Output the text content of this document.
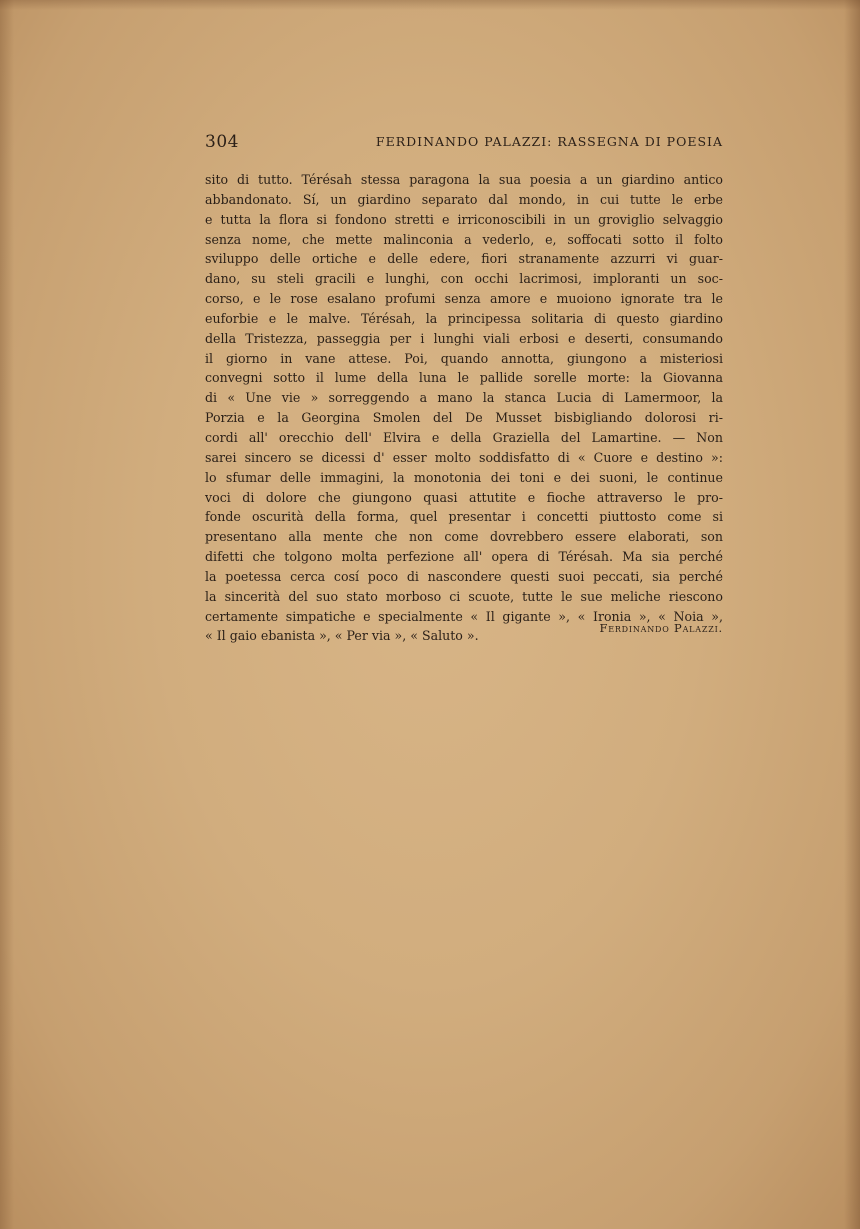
304	FERDINANDO PALAZZI: RASSEGNA DI POESIA
sito di tutto. Térésah stessa paragona la sua poesia a un giardino antico
abbandonato. Sí, un giardino separato dal mondo, in cui tutte le erbe
e tutta la flora si fondono stretti e irriconoscibili in un groviglio selvaggio
senza nome, che mette malinconia a vederlo, e, soffocati sotto il folto
sviluppo delle ortiche e delle edere, fiori stranamente azzurri vi guar-
dano, su steli gracili e lunghi, con occhi lacrimosi, imploranti un soc-
corso, e le rose esalano profumi senza amore e muoiono ignorate tra le
euforbie e le malve. Térésah, la principessa solitaria di questo giardino
della Tristezza, passeggia per i lunghi viali erbosi e deserti, consumando
il giorno in vane attese. Poi, quando annotta, giungono a misteriosi
convegni sotto il lume della luna le pallide sorelle morte: la Giovanna
di « Une vie » sorreggendo a mano la stanca Lucia di Lamermoor, la
Porzia e la Georgina Smolen del De Musset bisbigliando dolorosi ri-
cordi all' orecchio dell' Elvira e della Graziella del Lamartine. — Non
sarei sincero se dicessi d' esser molto soddisfatto di « Cuore e destino »:
lo sfumar delle immagini, la monotonia dei toni e dei suoni, le continue
voci di dolore che giungono quasi attutite e fioche attraverso le pro-
fonde oscurità della forma, quel presentar i concetti piuttosto come si
presentano alla mente che non come dovrebbero essere elaborati, son
difetti che tolgono molta perfezione all' opera di Térésah. Ma sia perché
la poetessa cerca cosí poco di nascondere questi suoi peccati, sia perché
la sincerità del suo stato morboso ci scuote, tutte le sue meliche riescono
certamente simpatiche e specialmente « Il gigante », « Ironia », « Noia »,
« Il gaio ebanista », « Per via », « Saluto ».
Ferdinando Palazzi.
